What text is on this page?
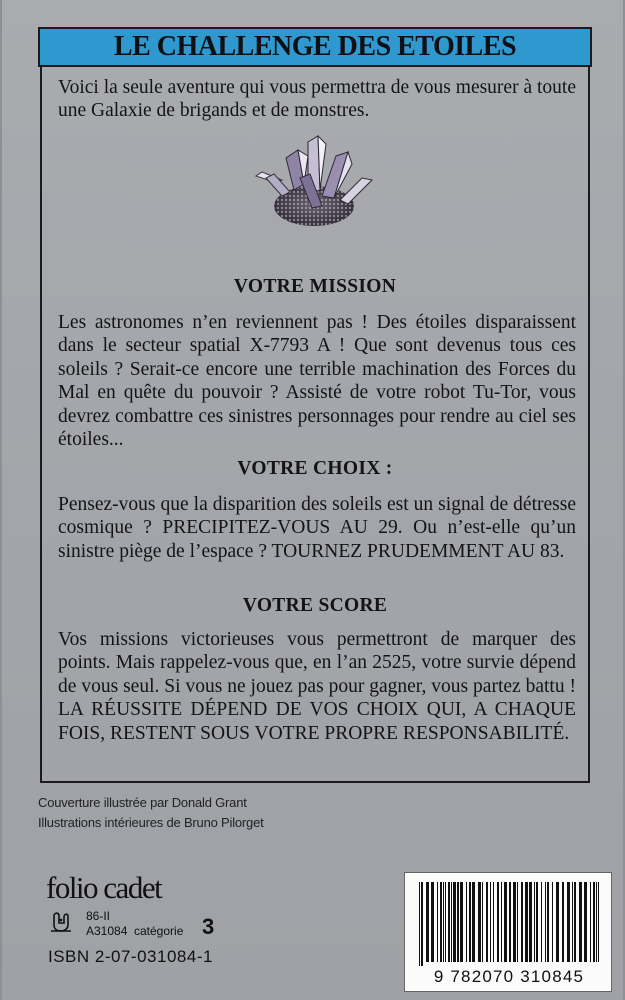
LE CHALLENGE DES ETOILES

Voici la seule aventure qui vous permettra de vous mesurer à toute une Galaxie de brigands et de monstres.

VOTRE MISSION

Les astronomes n’en reviennent pas ! Des étoiles disparaissent dans le secteur spatial X-7793 A ! Que sont devenus tous ces soleils ? Serait-ce encore une terrible machination des Forces du Mal en quête du pouvoir ? Assisté de votre robot Tu-Tor, vous devrez combattre ces sinistres personnages pour rendre au ciel ses étoiles...

VOTRE CHOIX :

Pensez-vous que la disparition des soleils est un signal de détresse cosmique ? PRECIPITEZ-VOUS AU 29. Ou n’est-elle qu’un sinistre piège de l’espace ? TOURNEZ PRUDEMMENT AU 83.

VOTRE SCORE

Vos missions victorieuses vous permettront de marquer des points. Mais rappelez-vous que, en l’an 2525, votre survie dépend de vous seul. Si vous ne jouez pas pour gagner, vous partez battu ! LA RÉUSSITE DÉPEND DE VOS CHOIX QUI, A CHAQUE FOIS, RESTENT SOUS VOTRE PROPRE RESPONSABILITÉ.

Couverture illustrée par Donald Grant

Illustrations intérieures de Bruno Pilorget

folio cadet
86-II
A31084 catégorie 3
ISBN 2-07-031084-1
9 782070 310845
